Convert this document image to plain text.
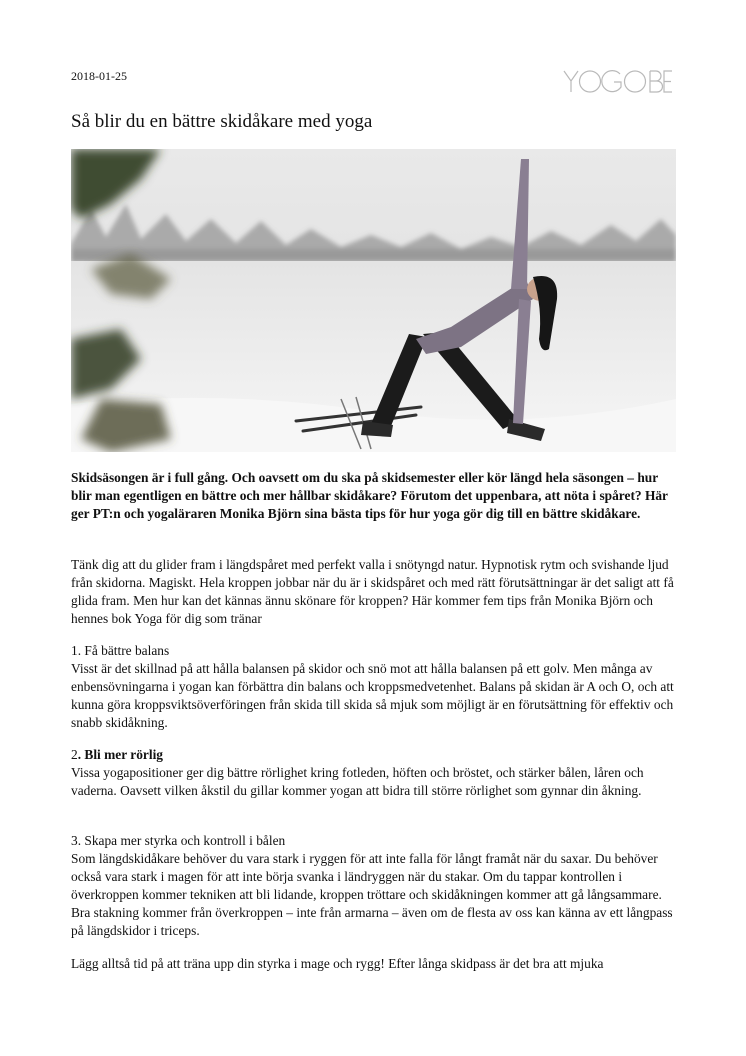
2018-01-25
Så blir du en bättre skidåkare med yoga

Skidsäsongen är i full gång. Och oavsett om du ska på skidsemester eller kör längd hela säsongen – hur blir man egentligen en bättre och mer hållbar skidåkare? Förutom det uppenbara, att nöta i spåret? Här ger PT:n och yogaläraren Monika Björn sina bästa tips för hur yoga gör dig till en bättre skidåkare.

Tänk dig att du glider fram i längdspåret med perfekt valla i snötyngd natur. Hypnotisk rytm och svishande ljud från skidorna. Magiskt. Hela kroppen jobbar när du är i skidspåret och med rätt förutsättningar är det saligt att få glida fram. Men hur kan det kännas ännu skönare för kroppen? Här kommer fem tips från Monika Björn och hennes bok Yoga för dig som tränar

1. Få bättre balans

Visst är det skillnad på att hålla balansen på skidor och snö mot att hålla balansen på ett golv. Men många av enbensövningarna i yogan kan förbättra din balans och kroppsmedvetenhet. Balans på skidan är A och O, och att kunna göra kroppsviktsöverföringen från skida till skida så mjuk som möjligt är en förutsättning för effektiv och snabb skidåkning.

2. Bli mer rörlig

Vissa yogapositioner ger dig bättre rörlighet kring fotleden, höften och bröstet, och stärker bålen, låren och vaderna. Oavsett vilken åkstil du gillar kommer yogan att bidra till större rörlighet som gynnar din åkning.

3. Skapa mer styrka och kontroll i bålen

Som längdskidåkare behöver du vara stark i ryggen för att inte falla för långt framåt när du saxar. Du behöver också vara stark i magen för att inte börja svanka i ländryggen när du stakar. Om du tappar kontrollen i överkroppen kommer tekniken att bli lidande, kroppen tröttare och skidåkningen kommer att gå långsammare. Bra stakning kommer från överkroppen – inte från armarna – även om de flesta av oss kan känna av ett långpass på längdskidor i triceps.

Lägg alltså tid på att träna upp din styrka i mage och rygg! Efter långa skidpass är det bra att mjuka
